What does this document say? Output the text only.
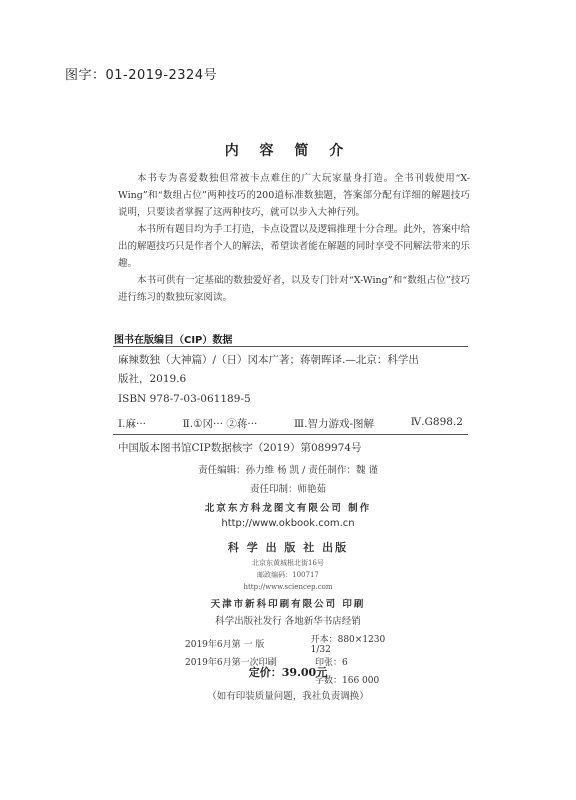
图字：01-2019-2324号
内 容 简 介

本书专为喜爱数独但常被卡点难住的广大玩家量身打造。全书刊载使用“X-Wing”和“数组占位”两种技巧的200道标准数独题，答案部分配有详细的解题技巧说明，只要读者掌握了这两种技巧，就可以步入大神行列。

本书所有题目均为手工打造，卡点设置以及逻辑推理十分合理。此外，答案中给出的解题技巧只是作者个人的解法，希望读者能在解题的同时享受不同解法带来的乐趣。

本书可供有一定基础的数独爱好者，以及专门针对“X-Wing”和“数组占位”技巧进行练习的数独玩家阅读。

图书在版编目（CIP）数据
麻辣数独（大神篇）/（日）冈本广著；蒋朝晖译.—北京：科学出
版社，2019.6
ISBN 978-7-03-061189-5
Ⅰ.麻···	Ⅱ.①冈··· ②蒋···	Ⅲ.智力游戏-图解	Ⅳ.G898.2
中国版本图书馆CIP数据核字（2019）第089974号
责任编辑：孙力维 杨 凯 / 责任制作：魏 谨
责任印制：师艳茹
北京东方科龙图文有限公司 制作
http://www.okbook.com.cn
科 学 出 版 社 出版
北京东黄城根北街16号
邮政编码：100717
http://www.sciencep.com
天津市新科印刷有限公司 印刷
科学出版社发行 各地新华书店经销
2019年6月第 一 版	开本：880×1230 1/32
2019年6月第一次印刷	印张：6
字数：166 000
定价：39.00元
（如有印装质量问题，我社负责调换）
